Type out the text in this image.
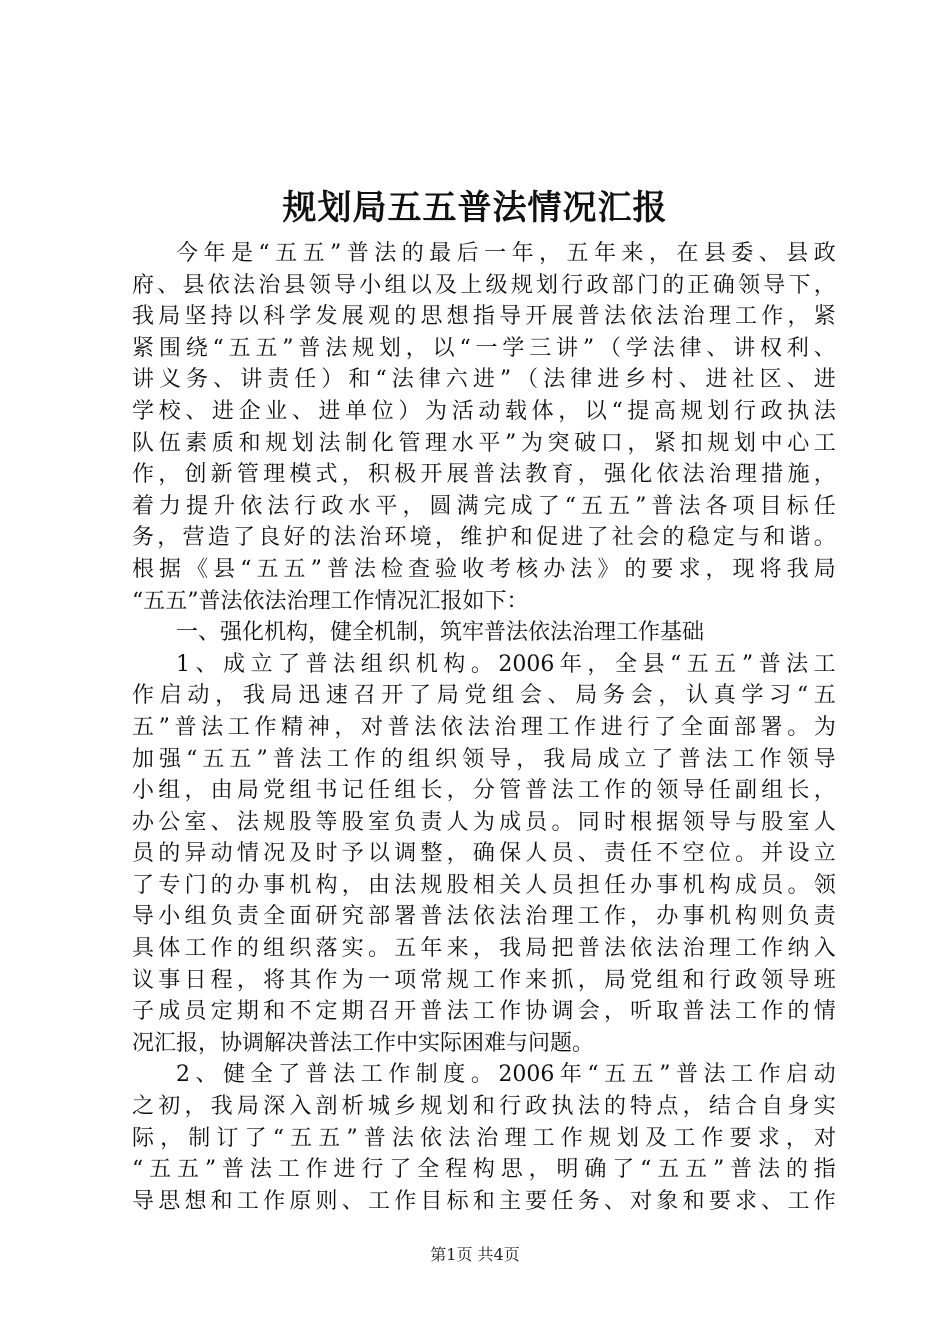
规划局五五普法情况汇报
今 年 是 “ 五 五 ” 普 法 的 最 后 一 年 ， 五 年 来 ， 在 县 委 、 县 政
府 、 县 依 法 治 县 领 导 小 组 以 及 上 级 规 划 行 政 部 门 的 正 确 领 导 下 ，
我 局 坚 持 以 科 学 发 展 观 的 思 想 指 导 开 展 普 法 依 法 治 理 工 作 ， 紧
紧 围 绕 “ 五 五 ” 普 法 规 划 ， 以 “ 一 学 三 讲 ” （ 学 法 律 、 讲 权 利 、
讲 义 务 、 讲 责 任 ） 和 “ 法 律 六 进 ” （ 法 律 进 乡 村 、 进 社 区 、 进
学 校 、 进 企 业 、 进 单 位 ） 为 活 动 载 体 ， 以 “ 提 高 规 划 行 政 执 法
队 伍 素 质 和 规 划 法 制 化 管 理 水 平 ” 为 突 破 口 ， 紧 扣 规 划 中 心 工
作 ， 创 新 管 理 模 式 ， 积 极 开 展 普 法 教 育 ， 强 化 依 法 治 理 措 施 ，
着 力 提 升 依 法 行 政 水 平 ， 圆 满 完 成 了 “ 五 五 ” 普 法 各 项 目 标 任
务 ， 营 造 了 良 好 的 法 治 环 境 ， 维 护 和 促 进 了 社 会 的 稳 定 与 和 谐 。
根 据 《 县 “ 五 五 ” 普 法 检 查 验 收 考 核 办 法 》 的 要 求 ， 现 将 我 局
“五五”普法依法治理工作情况汇报如下：
一、强化机构，健全机制，筑牢普法依法治理工作基础
1 、 成 立 了 普 法 组 织 机 构 。 2006 年 ， 全 县 “ 五 五 ” 普 法 工
作 启 动 ， 我 局 迅 速 召 开 了 局 党 组 会 、 局 务 会 ， 认 真 学 习 “ 五
五 ” 普 法 工 作 精 神 ， 对 普 法 依 法 治 理 工 作 进 行 了 全 面 部 署 。 为
加 强 “ 五 五 ” 普 法 工 作 的 组 织 领 导 ， 我 局 成 立 了 普 法 工 作 领 导
小 组 ， 由 局 党 组 书 记 任 组 长 ， 分 管 普 法 工 作 的 领 导 任 副 组 长 ，
办 公 室 、 法 规 股 等 股 室 负 责 人 为 成 员 。 同 时 根 据 领 导 与 股 室 人
员 的 异 动 情 况 及 时 予 以 调 整 ， 确 保 人 员 、 责 任 不 空 位 。 并 设 立
了 专 门 的 办 事 机 构 ， 由 法 规 股 相 关 人 员 担 任 办 事 机 构 成 员 。 领
导 小 组 负 责 全 面 研 究 部 署 普 法 依 法 治 理 工 作 ， 办 事 机 构 则 负 责
具 体 工 作 的 组 织 落 实 。 五 年 来 ， 我 局 把 普 法 依 法 治 理 工 作 纳 入
议 事 日 程 ， 将 其 作 为 一 项 常 规 工 作 来 抓 ， 局 党 组 和 行 政 领 导 班
子 成 员 定 期 和 不 定 期 召 开 普 法 工 作 协 调 会 ， 听 取 普 法 工 作 的 情
况汇报，协调解决普法工作中实际困难与问题。
2 、 健 全 了 普 法 工 作 制 度 。 2006 年 “ 五 五 ” 普 法 工 作 启 动
之 初 ， 我 局 深 入 剖 析 城 乡 规 划 和 行 政 执 法 的 特 点 ， 结 合 自 身 实
际 ， 制 订 了 “ 五 五 ” 普 法 依 法 治 理 工 作 规 划 及 工 作 要 求 ， 对
“ 五 五 ” 普 法 工 作 进 行 了 全 程 构 思 ， 明 确 了 “ 五 五 ” 普 法 的 指
导 思 想 和 工 作 原 则 、 工 作 目 标 和 主 要 任 务 、 对 象 和 要 求 、 工 作
第1页 共4页
